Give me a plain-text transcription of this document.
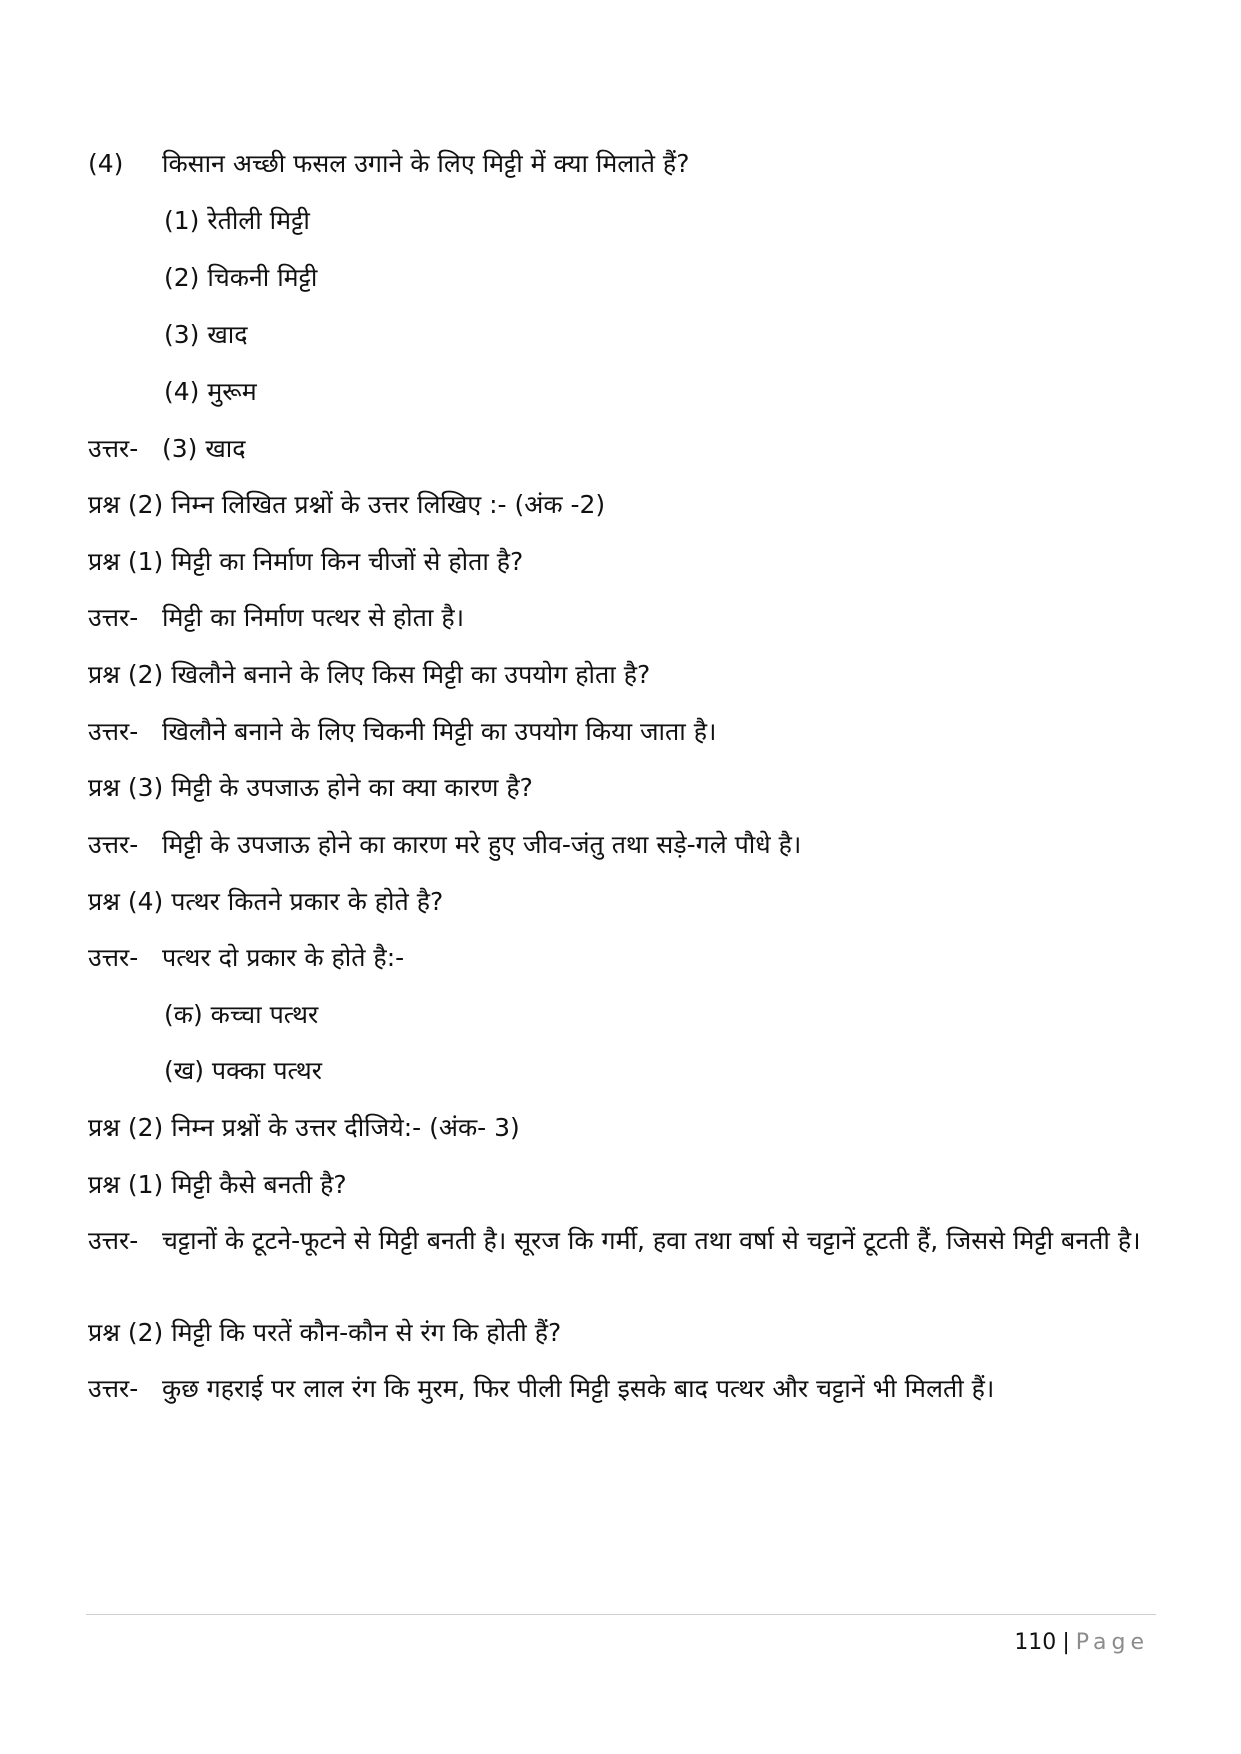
(4) किसान अच्छी फसल उगाने के लिए मिट्टी में क्या मिलाते हैं?
(1) रेतीली मिट्टी
(2) चिकनी मिट्टी
(3) खाद
(4) मुरूम
उत्तर- (3) खाद
प्रश्न (2) निम्न लिखित प्रश्नों के उत्तर लिखिए :- (अंक -2)
प्रश्न (1) मिट्टी का निर्माण किन चीजों से होता है?
उत्तर- मिट्टी का निर्माण पत्थर से होता है।
प्रश्न (2) खिलौने बनाने के लिए किस मिट्टी का उपयोग होता है?
उत्तर- खिलौने बनाने के लिए चिकनी मिट्टी का उपयोग किया जाता है।
प्रश्न (3) मिट्टी के उपजाऊ होने का क्या कारण है?
उत्तर- मिट्टी के उपजाऊ होने का कारण मरे हुए जीव-जंतु तथा सड़े-गले पौधे है।
प्रश्न (4) पत्थर कितने प्रकार के होते है?
उत्तर- पत्थर दो प्रकार के होते है:-
(क) कच्चा पत्थर
(ख) पक्का पत्थर
प्रश्न (2) निम्न प्रश्नों के उत्तर दीजिये:- (अंक- 3)
प्रश्न (1) मिट्टी कैसे बनती है?
उत्तर- चट्टानों के टूटने-फूटने से मिट्टी बनती है। सूरज कि गर्मी, हवा तथा वर्षा से चट्टानें टूटती हैं, जिससे मिट्टी बनती है।
प्रश्न (2) मिट्टी कि परतें कौन-कौन से रंग कि होती हैं?
उत्तर- कुछ गहराई पर लाल रंग कि मुरम, फिर पीली मिट्टी इसके बाद पत्थर और चट्टानें भी मिलती हैं।
110 | Page
